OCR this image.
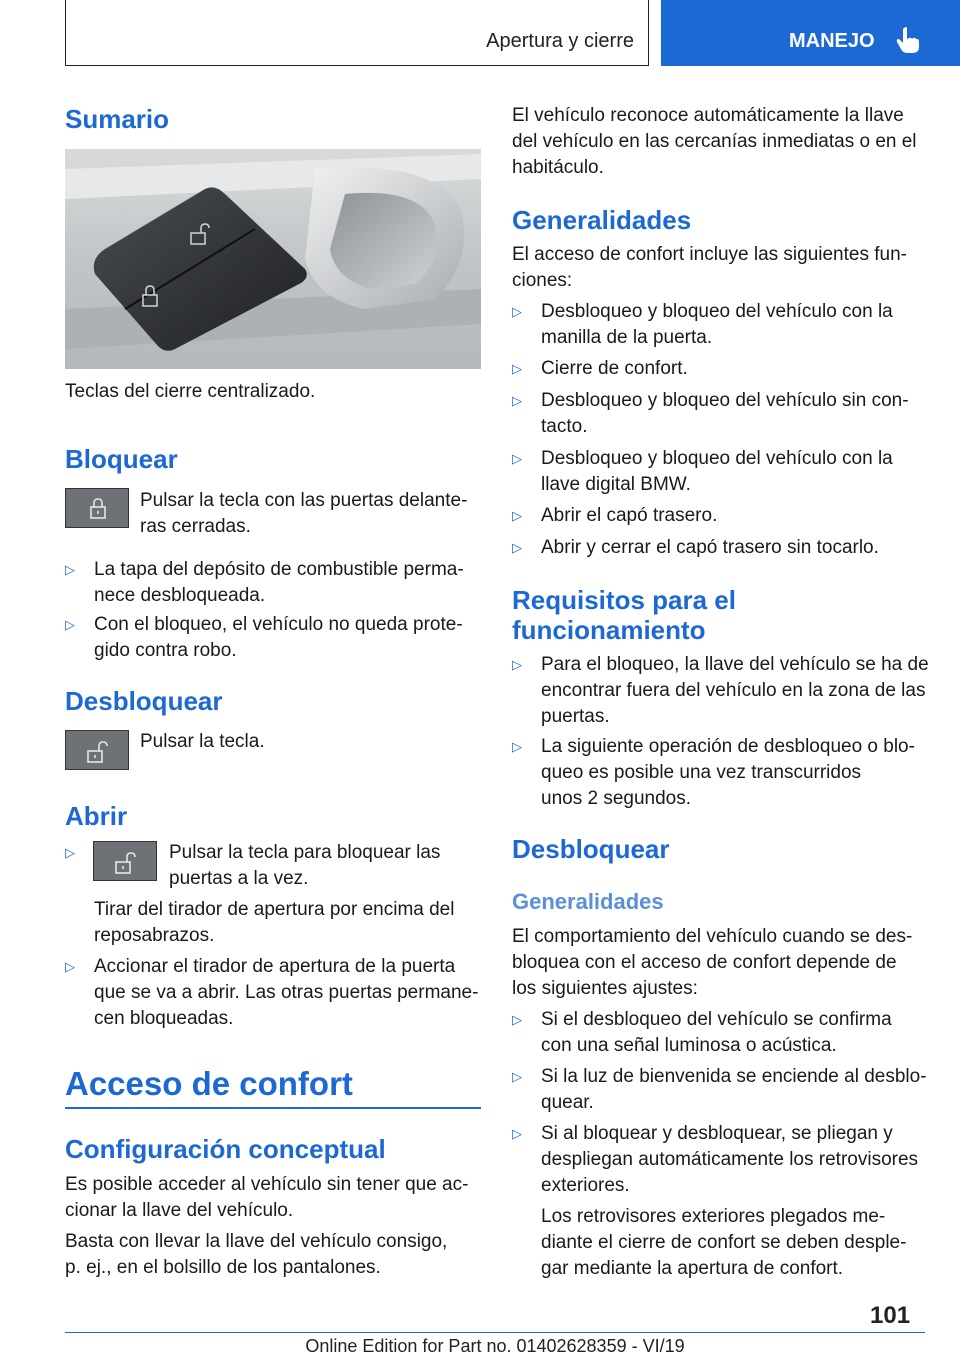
Apertura y cierre	MANEJO
Sumario
Teclas del cierre centralizado.
Bloquear
Pulsar la tecla con las puertas delante-
ras cerradas.
▷ La tapa del depósito de combustible perma-
nece desbloqueada.
▷ Con el bloqueo, el vehículo no queda prote-
gido contra robo.
Desbloquear
Pulsar la tecla.
Abrir
▷	Pulsar la tecla para bloquear las
puertas a la vez.
Tirar del tirador de apertura por encima del
reposabrazos.
▷ Accionar el tirador de apertura de la puerta
que se va a abrir. Las otras puertas permane-
cen bloqueadas.
Acceso de confort
Configuración conceptual
Es posible acceder al vehículo sin tener que ac-
cionar la llave del vehículo.
Basta con llevar la llave del vehículo consigo,
p. ej., en el bolsillo de los pantalones.
El vehículo reconoce automáticamente la llave
del vehículo en las cercanías inmediatas o en el
habitáculo.
Generalidades
El acceso de confort incluye las siguientes fun-
ciones:
▷ Desbloqueo y bloqueo del vehículo con la
manilla de la puerta.
▷ Cierre de confort.
▷ Desbloqueo y bloqueo del vehículo sin con-
tacto.
▷ Desbloqueo y bloqueo del vehículo con la
llave digital BMW.
▷ Abrir el capó trasero.
▷ Abrir y cerrar el capó trasero sin tocarlo.
Requisitos para el
funcionamiento
▷ Para el bloqueo, la llave del vehículo se ha de
encontrar fuera del vehículo en la zona de las
puertas.
▷ La siguiente operación de desbloqueo o blo-
queo es posible una vez transcurridos
unos 2 segundos.
Desbloquear
Generalidades
El comportamiento del vehículo cuando se des-
bloquea con el acceso de confort depende de
los siguientes ajustes:
▷ Si el desbloqueo del vehículo se confirma
con una señal luminosa o acústica.
▷ Si la luz de bienvenida se enciende al desblo-
quear.
▷ Si al bloquear y desbloquear, se pliegan y
despliegan automáticamente los retrovisores
exteriores.
Los retrovisores exteriores plegados me-
diante el cierre de confort se deben desple-
gar mediante la apertura de confort.
101
Online Edition for Part no. 01402628359 - VI/19
